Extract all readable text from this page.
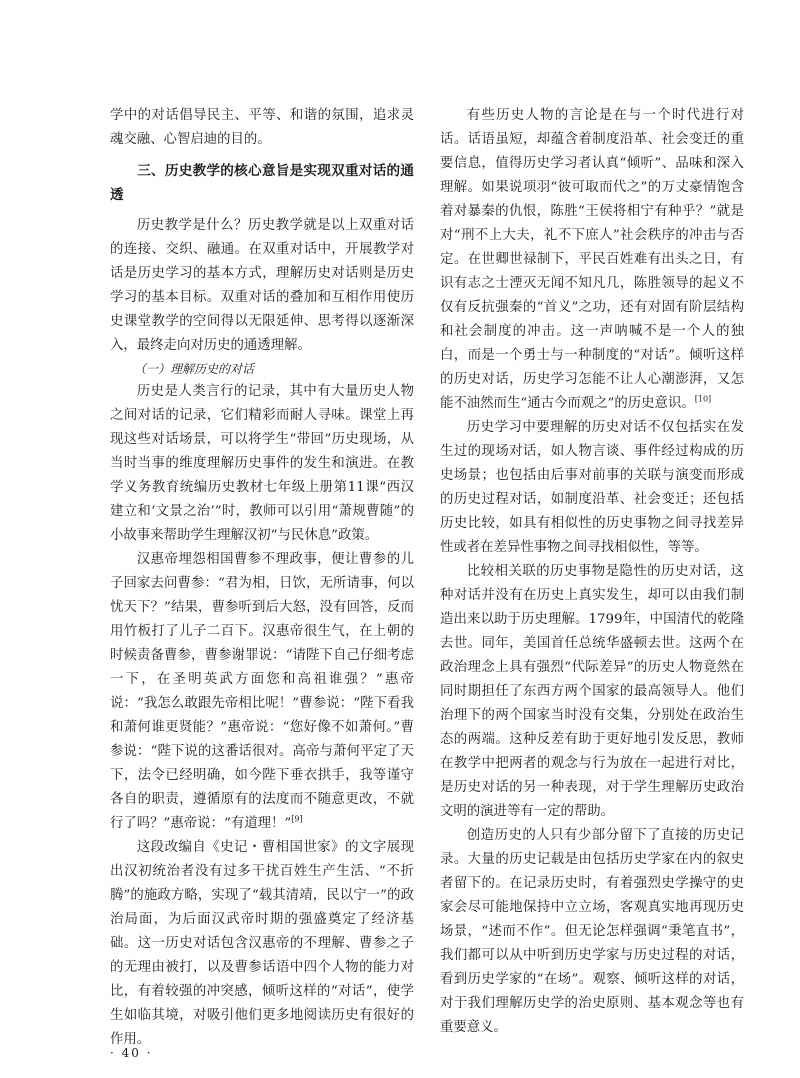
学中的对话倡导民主、平等、和谐的氛围，追求灵魂交融、心智启迪的目的。

三、历史教学的核心意旨是实现双重对话的通透

历史教学是什么？历史教学就是以上双重对话的连接、交织、融通。在双重对话中，开展教学对话是历史学习的基本方式，理解历史对话则是历史学习的基本目标。双重对话的叠加和互相作用使历史课堂教学的空间得以无限延伸、思考得以逐渐深入，最终走向对历史的通透理解。

（一）理解历史的对话

历史是人类言行的记录，其中有大量历史人物之间对话的记录，它们精彩而耐人寻味。课堂上再现这些对话场景，可以将学生“带回”历史现场，从当时当事的维度理解历史事件的发生和演进。在教学义务教育统编历史教材七年级上册第11课“西汉建立和‘文景之治’”时，教师可以引用“萧规曹随”的小故事来帮助学生理解汉初“与民休息”政策。

汉惠帝埋怨相国曹参不理政事，便让曹参的儿子回家去问曹参：“君为相，日饮，无所请事，何以忧天下？”结果，曹参听到后大怒，没有回答，反而用竹板打了儿子二百下。汉惠帝很生气，在上朝的时候责备曹参，曹参谢罪说：“请陛下自己仔细考虑一下，在圣明英武方面您和高祖谁强？”惠帝说：“我怎么敢跟先帝相比呢！”曹参说：“陛下看我和萧何谁更贤能？”惠帝说：“您好像不如萧何。”曹参说：“陛下说的这番话很对。高帝与萧何平定了天下，法令已经明确，如今陛下垂衣拱手，我等谨守各自的职责，遵循原有的法度而不随意更改，不就行了吗？”惠帝说：“有道理！”[9]

这段改编自《史记・曹相国世家》的文字展现出汉初统治者没有过多干扰百姓生产生活、“不折腾”的施政方略，实现了“载其清靖，民以宁一”的政治局面，为后面汉武帝时期的强盛奠定了经济基础。这一历史对话包含汉惠帝的不理解、曹参之子的无理由被打，以及曹参话语中四个人物的能力对比，有着较强的冲突感，倾听这样的“对话”，使学生如临其境，对吸引他们更多地阅读历史有很好的作用。

有些历史人物的言论是在与一个时代进行对话。话语虽短，却蕴含着制度沿革、社会变迁的重要信息，值得历史学习者认真“倾听”、品味和深入理解。如果说项羽“彼可取而代之”的万丈豪情饱含着对暴秦的仇恨，陈胜“王侯将相宁有种乎？”就是对“刑不上大夫，礼不下庶人”社会秩序的冲击与否定。在世卿世禄制下，平民百姓难有出头之日，有识有志之士湮灭无闻不知凡几，陈胜领导的起义不仅有反抗强秦的“首义”之功，还有对固有阶层结构和社会制度的冲击。这一声呐喊不是一个人的独白，而是一个勇士与一种制度的“对话”。倾听这样的历史对话，历史学习怎能不让人心潮澎湃，又怎能不油然而生“通古今而观之”的历史意识。[10]

历史学习中要理解的历史对话不仅包括实在发生过的现场对话，如人物言谈、事件经过构成的历史场景；也包括由后事对前事的关联与演变而形成的历史过程对话，如制度沿革、社会变迁；还包括历史比较，如具有相似性的历史事物之间寻找差异性或者在差异性事物之间寻找相似性，等等。

比较相关联的历史事物是隐性的历史对话，这种对话并没有在历史上真实发生，却可以由我们制造出来以助于历史理解。1799年，中国清代的乾隆去世。同年，美国首任总统华盛顿去世。这两个在政治理念上具有强烈“代际差异”的历史人物竟然在同时期担任了东西方两个国家的最高领导人。他们治理下的两个国家当时没有交集，分别处在政治生态的两端。这种反差有助于更好地引发反思，教师在教学中把两者的观念与行为放在一起进行对比，是历史对话的另一种表现，对于学生理解历史政治文明的演进等有一定的帮助。

创造历史的人只有少部分留下了直接的历史记录。大量的历史记载是由包括历史学家在内的叙史者留下的。在记录历史时，有着强烈史学操守的史家会尽可能地保持中立立场，客观真实地再现历史场景，“述而不作”。但无论怎样强调“秉笔直书”，我们都可以从中听到历史学家与历史过程的对话，看到历史学家的“在场”。观察、倾听这样的对话，对于我们理解历史学的治史原则、基本观念等也有重要意义。

· 40 ·
